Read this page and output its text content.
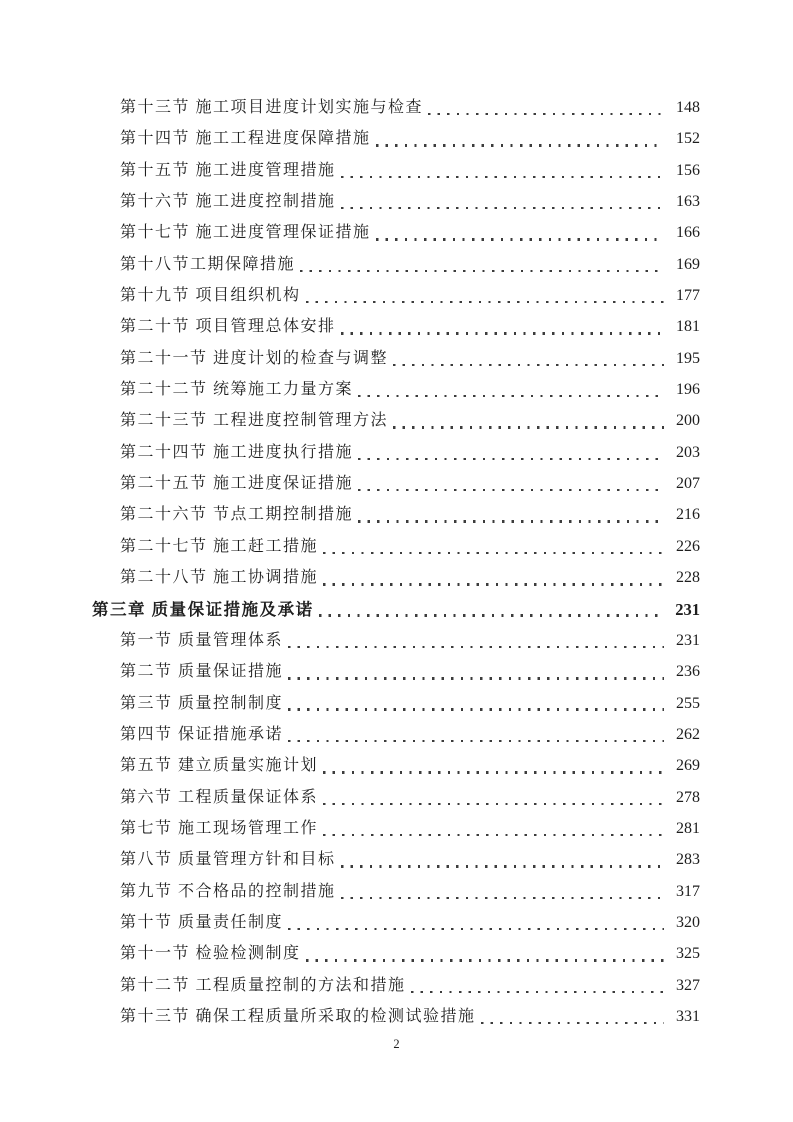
第十三节 施工项目进度计划实施与检查	148
第十四节 施工工程进度保障措施	152
第十五节 施工进度管理措施	156
第十六节 施工进度控制措施	163
第十七节 施工进度管理保证措施	166
第十八节工期保障措施	169
第十九节 项目组织机构	177
第二十节 项目管理总体安排	181
第二十一节 进度计划的检查与调整	195
第二十二节 统筹施工力量方案	196
第二十三节 工程进度控制管理方法	200
第二十四节 施工进度执行措施	203
第二十五节 施工进度保证措施	207
第二十六节 节点工期控制措施	216
第二十七节 施工赶工措施	226
第二十八节 施工协调措施	228
第三章 质量保证措施及承诺	231
第一节 质量管理体系	231
第二节 质量保证措施	236
第三节 质量控制制度	255
第四节 保证措施承诺	262
第五节 建立质量实施计划	269
第六节 工程质量保证体系	278
第七节 施工现场管理工作	281
第八节 质量管理方针和目标	283
第九节 不合格品的控制措施	317
第十节 质量责任制度	320
第十一节 检验检测制度	325
第十二节 工程质量控制的方法和措施	327
第十三节 确保工程质量所采取的检测试验措施	331
2
